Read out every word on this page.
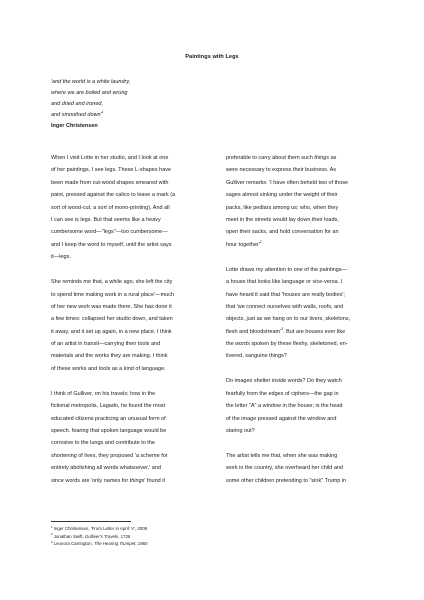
Paintings with Legs
'and the world is a white laundry,
where we are boiled and wrung
and dried and ironed,
and smoothed $down'^1$
Inger Christensen

When I visit Lotte in her studio, and I look at one
of her paintings, I see legs. These L-shapes have
been made from cut-wood shapes smeared with
paint, pressed against the calico to leave a mark (a
sort of wood-cut, a sort of mono-printing). And all
I can see is legs. But that seems like a heavy
cumbersome word—"legs"—too cumbersome—
and I keep the word to myself, until the artist says
it—legs.

She reminds me that, a while ago, she left the city
to spend time making work in a rural place'—much
of her new work was made there. She has done it
a few times: collapsed her studio down, and taken
it away, and it set up again, in a new place. I think
of an artist in transit—carrying their tools and
materials and the works they are making. I think
of these works and tools as a kind of language.

I think of Gulliver, on his travels; how in the
fictional metropolis, Lagado, he found the most
educated citizens practicing an unusual form of
speech. fearing that spoken language would be
corrosive to the lungs and contribute to the
shortening of lives, they proposed 'a scheme for
entirely abolishing all words whatsoever,' and
since words are 'only names for things' found it

preferable to carry about them such things as
were necessary to express their business. As
Gulliver remarks: 'I have often beheld two of those
sages almost sinking under the weight of their
packs, like pedlars among us; who, when they
meet in the streets would lay down their loads,
open their sacks, and hold conversation for an
hour $together'^2$

Lotte draws my attention to one of the paintings—
a house that looks like language or vice-versa. I
have heard it said that 'houses are really bodies';
that 'we connect ourselves with walls, roofs, and
objects, just as we hang on to our livers, skeletons,
flesh and $bloodstream'^3$. But are houses ever like
the words spoken by these fleshy, skeletoned, en-
livered, sanguine things?

Do images shelter inside words? Do they watch
fearfully from the edges of ciphers—the gap in
the letter "A" a window in the house; is the head
of the image pressed against the window and
staring out?

The artist tells me that, when she was making
work in the country, she overheard her child and
some other children pretending to "sink" Trump in

$^1$Inger Christensen, 'From Letter in April: V', 2009
$^2$Jonathan Swift, Gulliver's Travels, 1726
$^3$Leonora Carrington, The Hearing Trumpet, 1960
